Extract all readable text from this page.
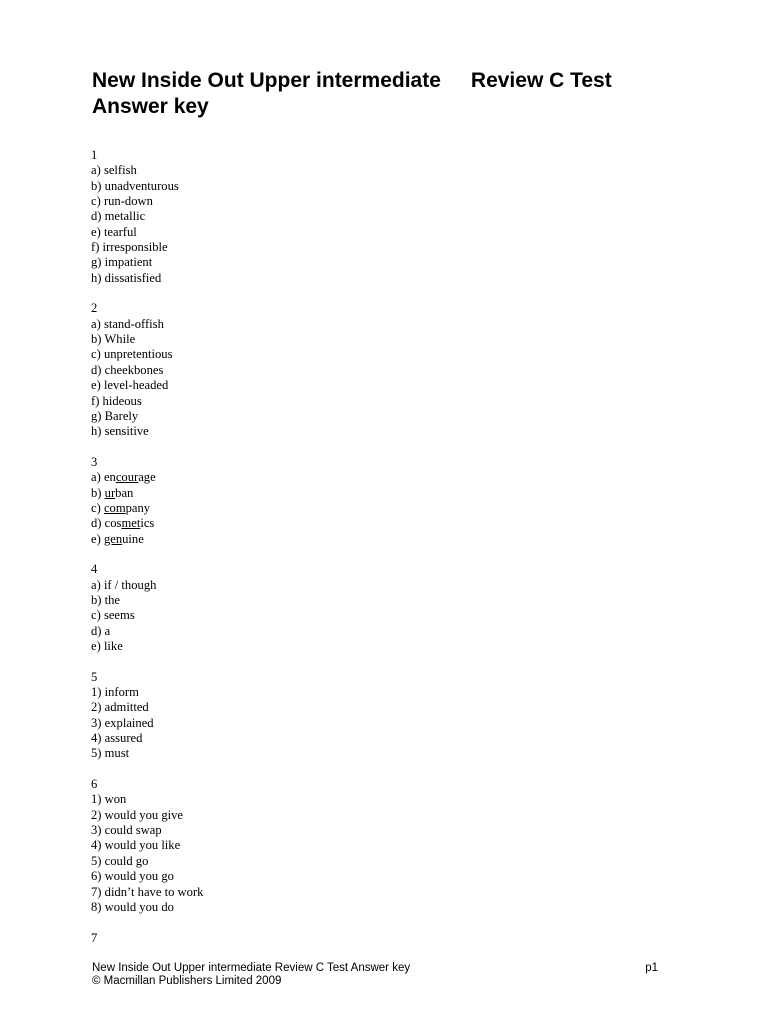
New Inside Out Upper intermediate Review C Test
Answer key
1
a) selfish
b) unadventurous
c) run-down
d) metallic
e) tearful
f) irresponsible
g) impatient
h) dissatisfied
2
a) stand-offish
b) While
c) unpretentious
d) cheekbones
e) level-headed
f) hideous
g) Barely
h) sensitive
3
a) encourage
b) urban
c) company
d) cosmetics
e) genuine
4
a) if / though
b) the
c) seems
d) a
e) like
5
1) inform
2) admitted
3) explained
4) assured
5) must
6
1) won
2) would you give
3) could swap
4) would you like
5) could go
6) would you go
7) didn’t have to work
8) would you do
7
New Inside Out Upper intermediate Review C Test Answer key	p1
© Macmillan Publishers Limited 2009
